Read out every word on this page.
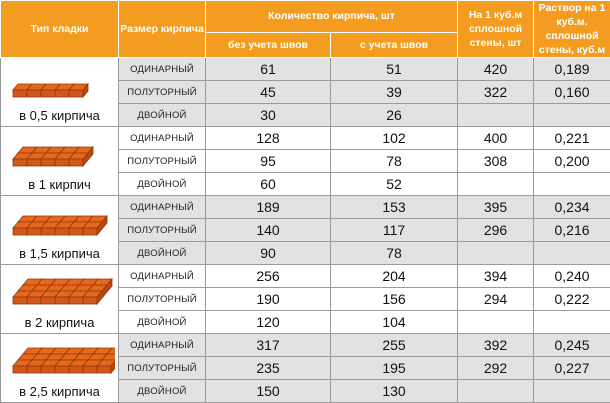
Тип кладки	Размер кирпича	Количество кирпича, шт		На 1 куб.м сплошной стены, шт	Раствор на 1 куб.м. сплошной стены, куб.м
		без учета швов	с учета швов		

в 0,5 кирпича	ОДИНАРНЫЙ	61	51	420	0,189
	ПОЛУТОРНЫЙ	45	39	322	0,160
	ДВОЙНОЙ	30	26		

в 1 кирпич	ОДИНАРНЫЙ	128	102	400	0,221
	ПОЛУТОРНЫЙ	95	78	308	0,200
	ДВОЙНОЙ	60	52		

в 1,5 кирпича	ОДИНАРНЫЙ	189	153	395	0,234
	ПОЛУТОРНЫЙ	140	117	296	0,216
	ДВОЙНОЙ	90	78		

в 2 кирпича	ОДИНАРНЫЙ	256	204	394	0,240
	ПОЛУТОРНЫЙ	190	156	294	0,222
	ДВОЙНОЙ	120	104		

в 2,5 кирпича	ОДИНАРНЫЙ	317	255	392	0,245
	ПОЛУТОРНЫЙ	235	195	292	0,227
	ДВОЙНОЙ	150	130		
